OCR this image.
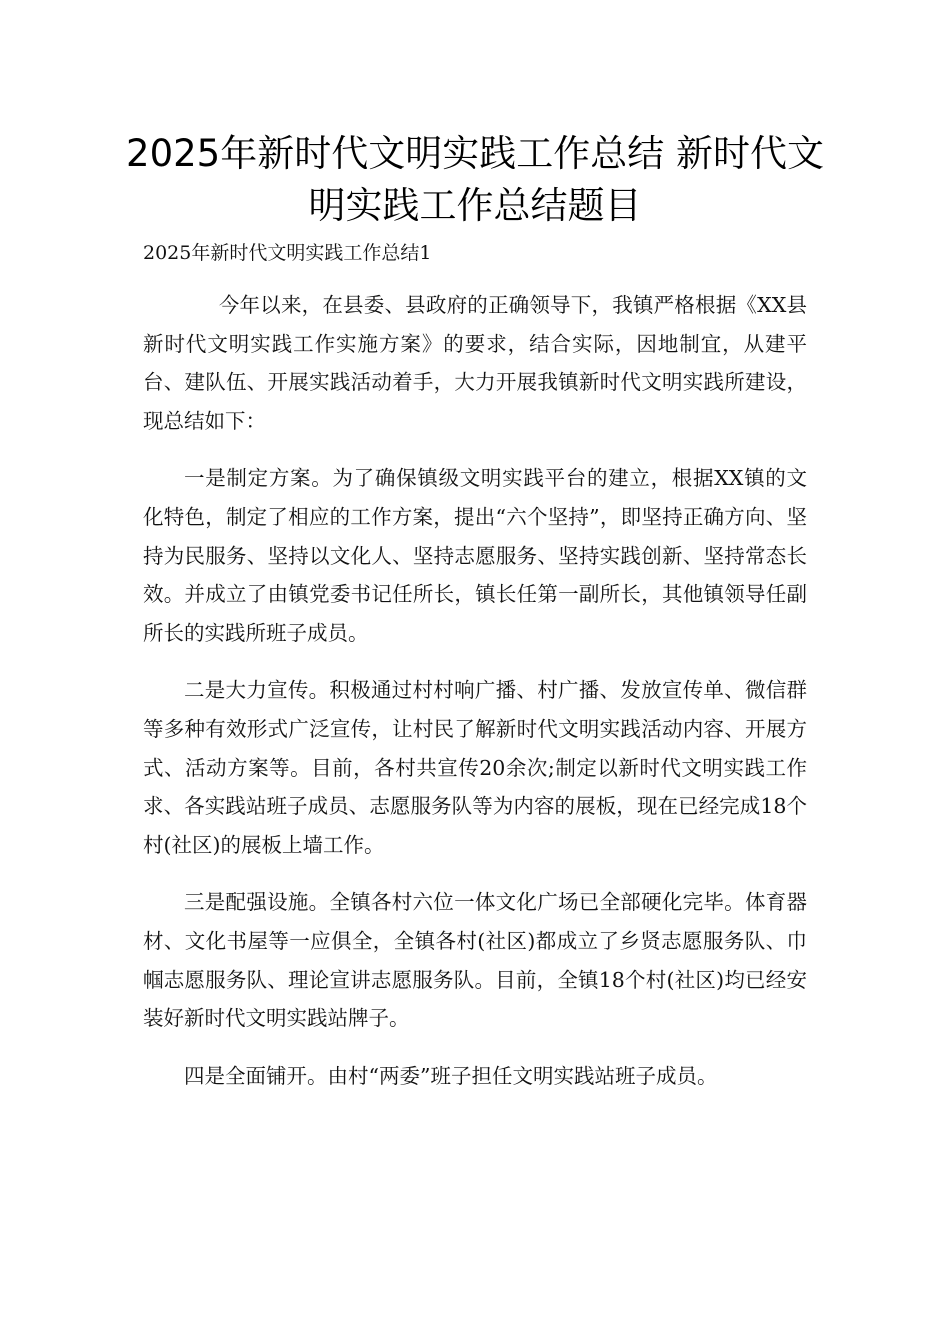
2025年新时代文明实践工作总结 新时代文明实践工作总结题目
2025年新时代文明实践工作总结1

今年以来，在县委、县政府的正确领导下，我镇严格根据《XX县新时代文明实践工作实施方案》的要求，结合实际，因地制宜，从建平台、建队伍、开展实践活动着手，大力开展我镇新时代文明实践所建设，现总结如下：

一是制定方案。为了确保镇级文明实践平台的建立，根据XX镇的文化特色，制定了相应的工作方案，提出“六个坚持”，即坚持正确方向、坚持为民服务、坚持以文化人、坚持志愿服务、坚持实践创新、坚持常态长效。并成立了由镇党委书记任所长，镇长任第一副所长，其他镇领导任副所长的实践所班子成员。

二是大力宣传。积极通过村村响广播、村广播、发放宣传单、微信群等多种有效形式广泛宣传，让村民了解新时代文明实践活动内容、开展方式、活动方案等。目前，各村共宣传20余次;制定以新时代文明实践工作求、各实践站班子成员、志愿服务队等为内容的展板，现在已经完成18个村(社区)的展板上墙工作。

三是配强设施。全镇各村六位一体文化广场已全部硬化完毕。体育器材、文化书屋等一应俱全，全镇各村(社区)都成立了乡贤志愿服务队、巾帼志愿服务队、理论宣讲志愿服务队。目前，全镇18个村(社区)均已经安装好新时代文明实践站牌子。

四是全面铺开。由村“两委”班子担任文明实践站班子成员。
